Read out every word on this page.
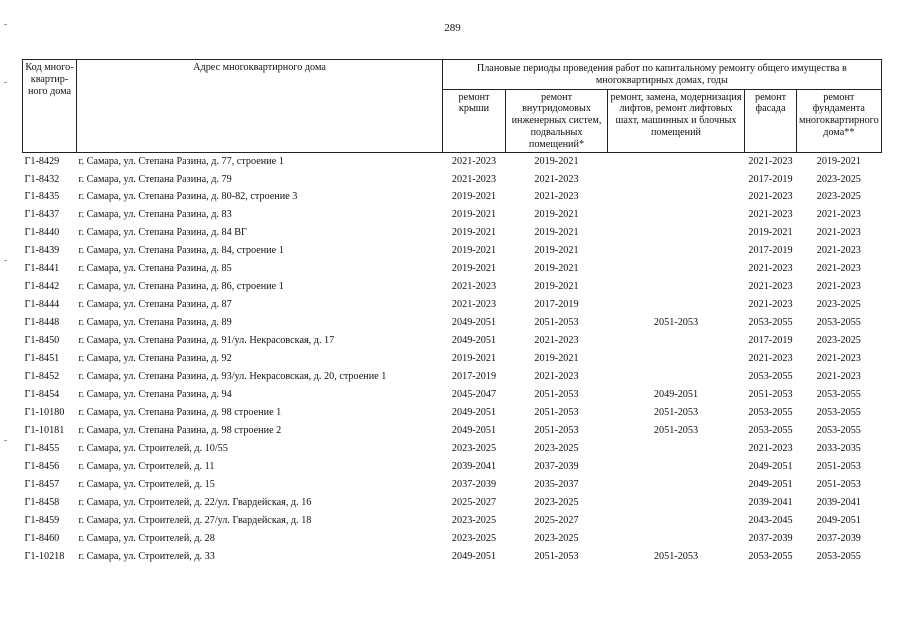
289
Код много-квартир-ного дома	Адрес многоквартирного дома	Плановые периоды проведения работ по капитальному ремонту общего имущества в многоквартирных домах, годы				
		ремонт крыши	ремонт внутридомовых инженерных систем, подвальных помещений*	ремонт, замена, модернизация лифтов, ремонт лифтовых шахт, машинных и блочных помещений	ремонт фасада	ремонт фундамента многоквартирного дома**
Г1-8429	г. Самара, ул. Степана Разина, д. 77, строение 1	2021-2023	2019-2021		2021-2023	2019-2021
Г1-8432	г. Самара, ул. Степана Разина, д. 79	2021-2023	2021-2023		2017-2019	2023-2025
Г1-8435	г. Самара, ул. Степана Разина, д. 80-82, строение 3	2019-2021	2021-2023		2021-2023	2023-2025
Г1-8437	г. Самара, ул. Степана Разина, д. 83	2019-2021	2019-2021		2021-2023	2021-2023
Г1-8440	г. Самара, ул. Степана Разина, д. 84 ВГ	2019-2021	2019-2021		2019-2021	2021-2023
Г1-8439	г. Самара, ул. Степана Разина, д. 84, строение 1	2019-2021	2019-2021		2017-2019	2021-2023
Г1-8441	г. Самара, ул. Степана Разина, д. 85	2019-2021	2019-2021		2021-2023	2021-2023
Г1-8442	г. Самара, ул. Степана Разина, д. 86, строение 1	2021-2023	2019-2021		2021-2023	2021-2023
Г1-8444	г. Самара, ул. Степана Разина, д. 87	2021-2023	2017-2019		2021-2023	2023-2025
Г1-8448	г. Самара, ул. Степана Разина, д. 89	2049-2051	2051-2053	2051-2053	2053-2055	2053-2055
Г1-8450	г. Самара, ул. Степана Разина, д. 91/ул. Некрасовская, д. 17	2049-2051	2021-2023		2017-2019	2023-2025
Г1-8451	г. Самара, ул. Степана Разина, д. 92	2019-2021	2019-2021		2021-2023	2021-2023
Г1-8452	г. Самара, ул. Степана Разина, д. 93/ул. Некрасовская, д. 20, строение 1	2017-2019	2021-2023		2053-2055	2021-2023
Г1-8454	г. Самара, ул. Степана Разина, д. 94	2045-2047	2051-2053	2049-2051	2051-2053	2053-2055
Г1-10180	г. Самара, ул. Степана Разина, д. 98 строение 1	2049-2051	2051-2053	2051-2053	2053-2055	2053-2055
Г1-10181	г. Самара, ул. Степана Разина, д. 98 строение 2	2049-2051	2051-2053	2051-2053	2053-2055	2053-2055
Г1-8455	г. Самара, ул. Строителей, д. 10/55	2023-2025	2023-2025		2021-2023	2033-2035
Г1-8456	г. Самара, ул. Строителей, д. 11	2039-2041	2037-2039		2049-2051	2051-2053
Г1-8457	г. Самара, ул. Строителей, д. 15	2037-2039	2035-2037		2049-2051	2051-2053
Г1-8458	г. Самара, ул. Строителей, д. 22/ул. Гвардейская, д. 16	2025-2027	2023-2025		2039-2041	2039-2041
Г1-8459	г. Самара, ул. Строителей, д. 27/ул. Гвардейская, д. 18	2023-2025	2025-2027		2043-2045	2049-2051
Г1-8460	г. Самара, ул. Строителей, д. 28	2023-2025	2023-2025		2037-2039	2037-2039
Г1-10218	г. Самара, ул. Строителей, д. 33	2049-2051	2051-2053	2051-2053	2053-2055	2053-2055
